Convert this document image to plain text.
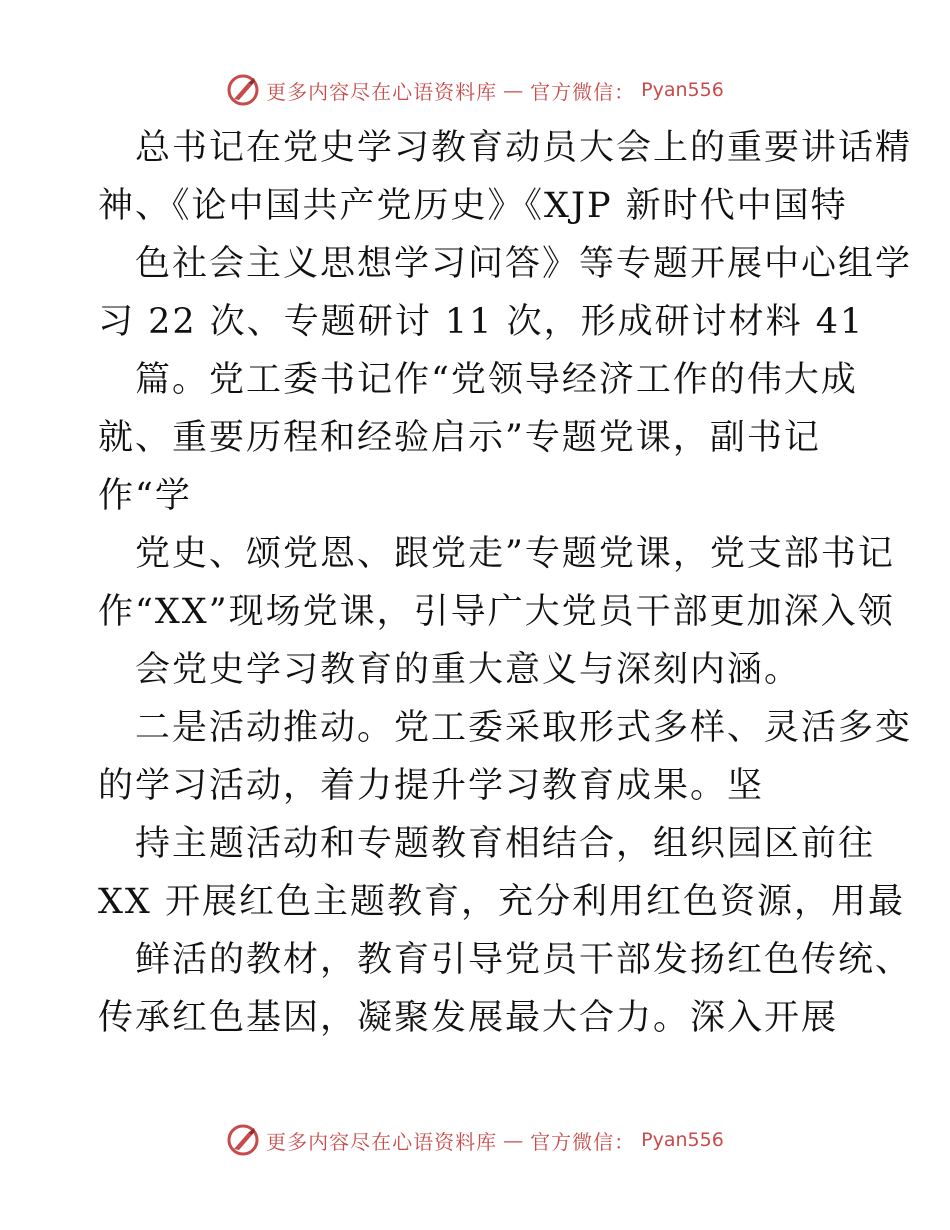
更多内容尽在心语资料库 — 官方微信： Pyan556
总书记在党史学习教育动员大会上的重要讲话精
神、《论中国共产党历史》《XJP 新时代中国特
色社会主义思想学习问答》等专题开展中心组学
习 22 次、专题研讨 11 次，形成研讨材料 41
篇。党工委书记作“党领导经济工作的伟大成
就、重要历程和经验启示”专题党课，副书记
作“学
党史、颂党恩、跟党走”专题党课，党支部书记
作“XX”现场党课，引导广大党员干部更加深入领
会党史学习教育的重大意义与深刻内涵。
二是活动推动。党工委采取形式多样、灵活多变
的学习活动，着力提升学习教育成果。坚
持主题活动和专题教育相结合，组织园区前往
XX 开展红色主题教育，充分利用红色资源，用最
鲜活的教材，教育引导党员干部发扬红色传统、
传承红色基因，凝聚发展最大合力。深入开展
更多内容尽在心语资料库 — 官方微信： Pyan556
